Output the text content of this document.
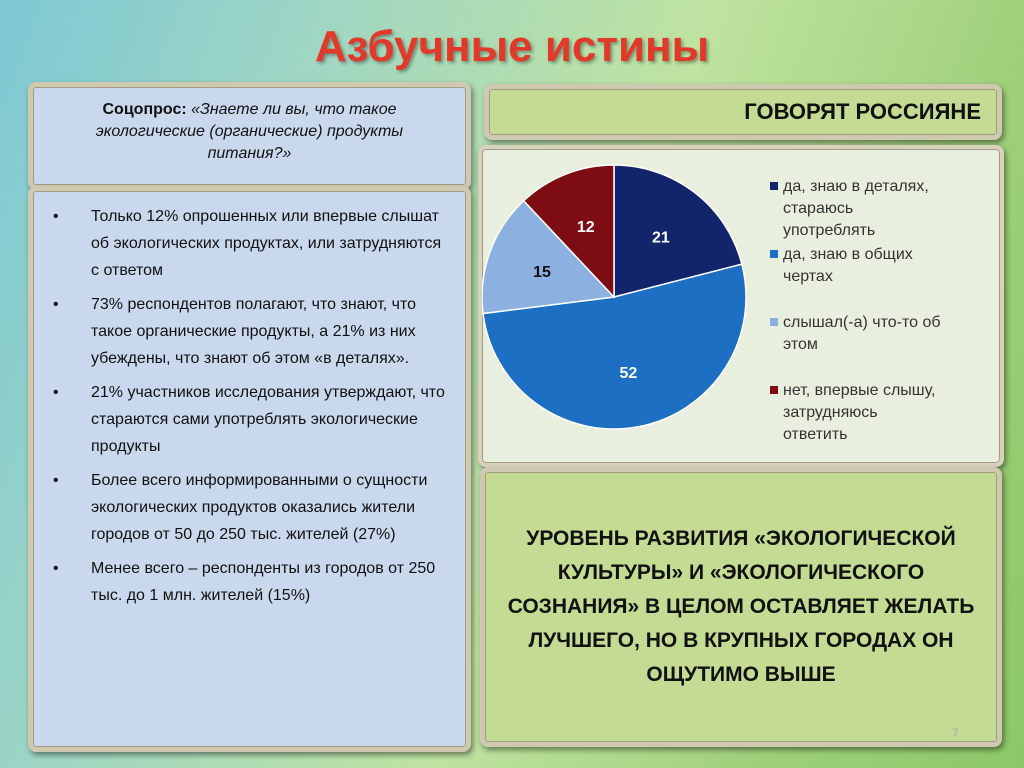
Азбучные истины
Соцопрос: «Знаете ли вы, что такое экологические (органические) продукты питания?»
• Только 12% опрошенных или впервые слышат об экологических продуктах, или затрудняются с ответом
• 73% респондентов полагают, что знают, что такое органические продукты, а 21% из них убеждены, что знают об этом «в деталях».
• 21% участников исследования утверждают, что стараются сами употреблять экологические продукты
• Более всего информированными о сущности экологических продуктов оказались жители городов от 50 до 250 тыс. жителей (27%)
• Менее всего – респонденты из городов от 250 тыс. до 1 млн. жителей (15%)
ГОВОРЯТ РОССИЯНЕ
21
52
15
12
да, знаю в деталях, стараюсь употреблять
да, знаю в общих чертах
слышал(-а) что-то об этом
нет, впервые слышу, затрудняюсь ответить
УРОВЕНЬ РАЗВИТИЯ «ЭКОЛОГИЧЕСКОЙ КУЛЬТУРЫ» И «ЭКОЛОГИЧЕСКОГО СОЗНАНИЯ» В ЦЕЛОМ ОСТАВЛЯЕТ ЖЕЛАТЬ ЛУЧШЕГО, НО В КРУПНЫХ ГОРОДАХ ОН ОЩУТИМО ВЫШЕ
7
